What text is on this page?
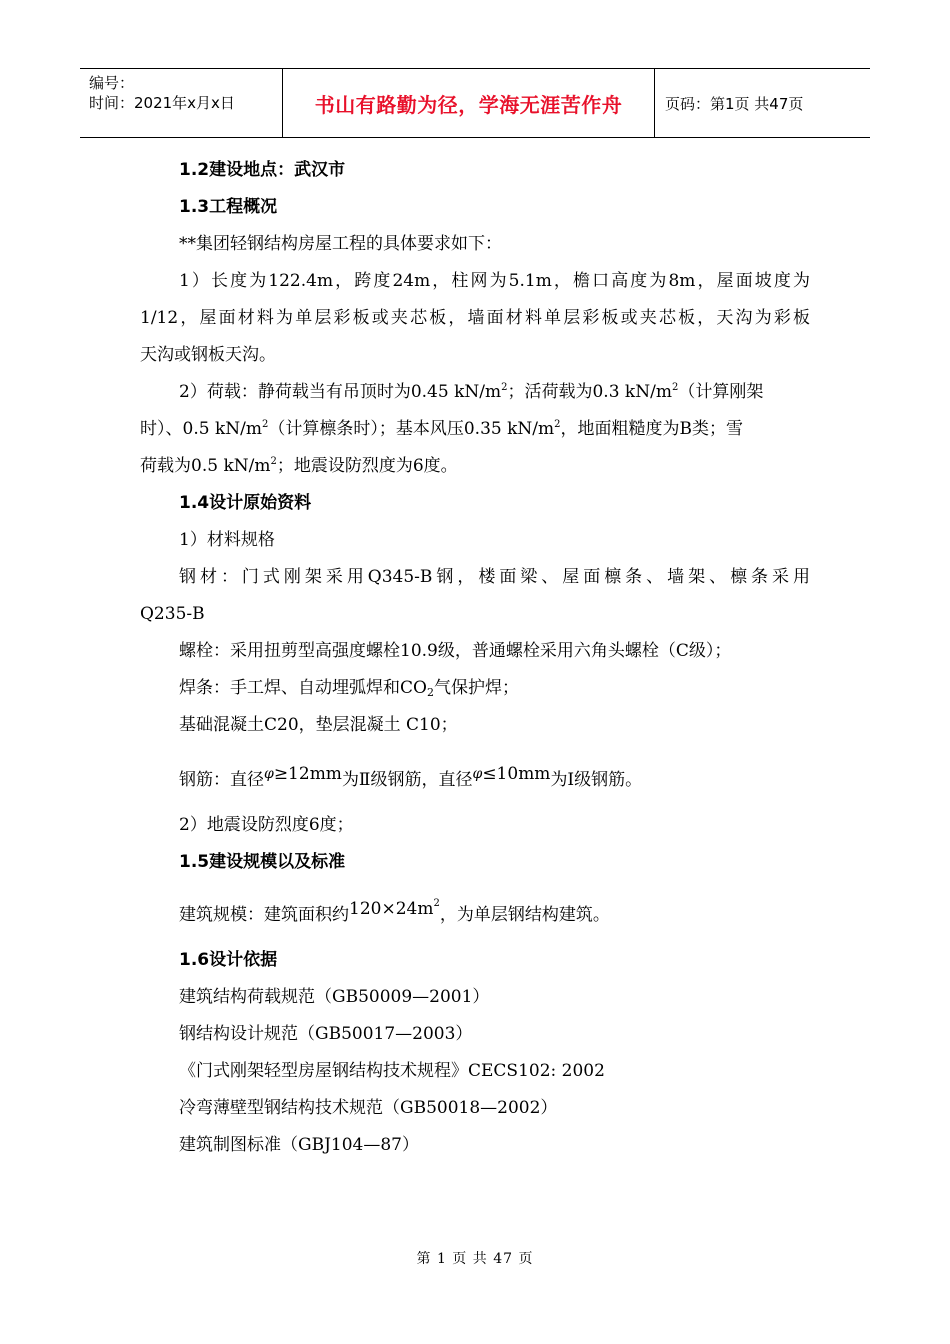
编号：
时间：2021年x月x日	书山有路勤为径，学海无涯苦作舟	页码：第1页 共47页
1.2建设地点：武汉市
1.3工程概况
**集团轻钢结构房屋工程的具体要求如下：
1）长度为122.4m，跨度24m，柱网为5.1m，檐口高度为8m，屋面坡度为
1/12，屋面材料为单层彩板或夹芯板，墙面材料单层彩板或夹芯板，天沟为彩板
天沟或钢板天沟。
2）荷载：静荷载当有吊顶时为0.45 $kN/m^2$；活荷载为0.3 $kN/m^2$（计算刚架
时）、0.5 $kN/m^2$（计算檩条时）；基本风压0.35 $kN/m^2$，地面粗糙度为B类；雪
荷载为0.5 $kN/m^2$；地震设防烈度为6度。
1.4设计原始资料
1）材料规格
钢材：门式刚架采用Q345-B钢，楼面梁、屋面檩条、墙架、檩条采用
Q235-B
螺栓：采用扭剪型高强度螺栓10.9级，普通螺栓采用六角头螺栓（C级）；
焊条：手工焊、自动埋弧焊和$CO_2$气保护焊；
基础混凝土C20，垫层混凝土 C10；
钢筋：直径$^\varphi$≥12mm为Ⅱ级钢筋，直径$^\varphi$≤10mm为Ⅰ级钢筋。
2）地震设防烈度6度；
1.5建设规模以及标准
建筑规模：建筑面积约$120\times 24m^2$，为单层钢结构建筑。
1.6设计依据
建筑结构荷载规范（GB50009—2001）
钢结构设计规范（GB50017—2003）
《门式刚架轻型房屋钢结构技术规程》CECS102: 2002
冷弯薄壁型钢结构技术规范（GB50018—2002）
建筑制图标准（GBJ104—87）
第 1 页 共 47 页
